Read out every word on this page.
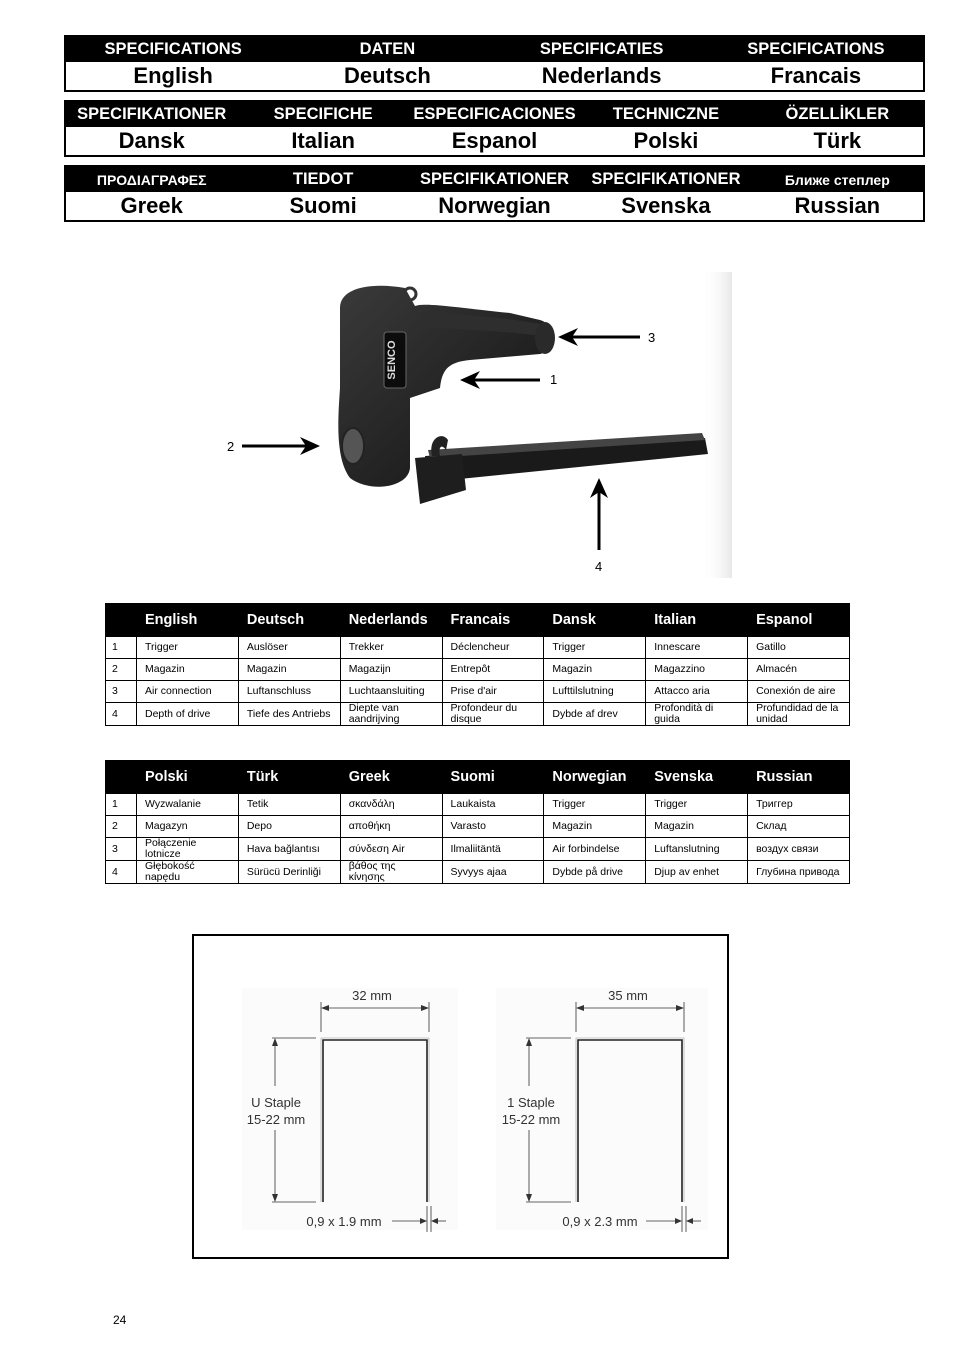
SPECIFICATIONS	DATEN	SPECIFICATIES	SPECIFICATIONS
English	Deutsch	Nederlands	Francais
SPECIFIKATIONER	SPECIFICHE	ESPECIFICACIONES	TECHNICZNE	ÖZELLİKLER
Dansk	Italian	Espanol	Polski	Türk
ΠΡΟΔΙΑΓΡΑΦΕΣ	TIEDOT	SPECIFIKATIONER	SPECIFIKATIONER	Ближе степлер
Greek	Suomi	Norwegian	Svenska	Russian
SENCO
3
1
2
4
	English	Deutsch	Nederlands	Francais	Dansk	Italian	Espanol
1	Trigger	Auslöser	Trekker	Déclencheur	Trigger	Innescare	Gatillo
2	Magazin	Magazin	Magazijn	Entrepôt	Magazin	Magazzino	Almacén
3	Air connection	Luftanschluss	Luchtaansluiting	Prise d'air	Lufttilslutning	Attacco aria	Conexión de aire
4	Depth of drive	Tiefe des Antriebs	Diepte van aandrijving	Profondeur du disque	Dybde af drev	Profondità di guida	Profundidad de la unidad
	Polski	Türk	Greek	Suomi	Norwegian	Svenska	Russian
1	Wyzwalanie	Tetik	σκανδάλη	Laukaista	Trigger	Trigger	Триггер
2	Magazyn	Depo	αποθήκη	Varasto	Magazin	Magazin	Склад
3	Połączenie lotnicze	Hava bağlantısı	σύνδεση Air	Ilmaliitäntä	Air forbindelse	Luftanslutning	воздух связи
4	Głębokość napędu	Sürücü Derinliği	βάθος της κίνησης	Syvyys ajaa	Dybde på drive	Djup av enhet	Глубина привода
32 mm
U Staple
15-22 mm
0,9 x 1.9 mm
35 mm
1 Staple
15-22 mm
0,9 x 2.3 mm
24
